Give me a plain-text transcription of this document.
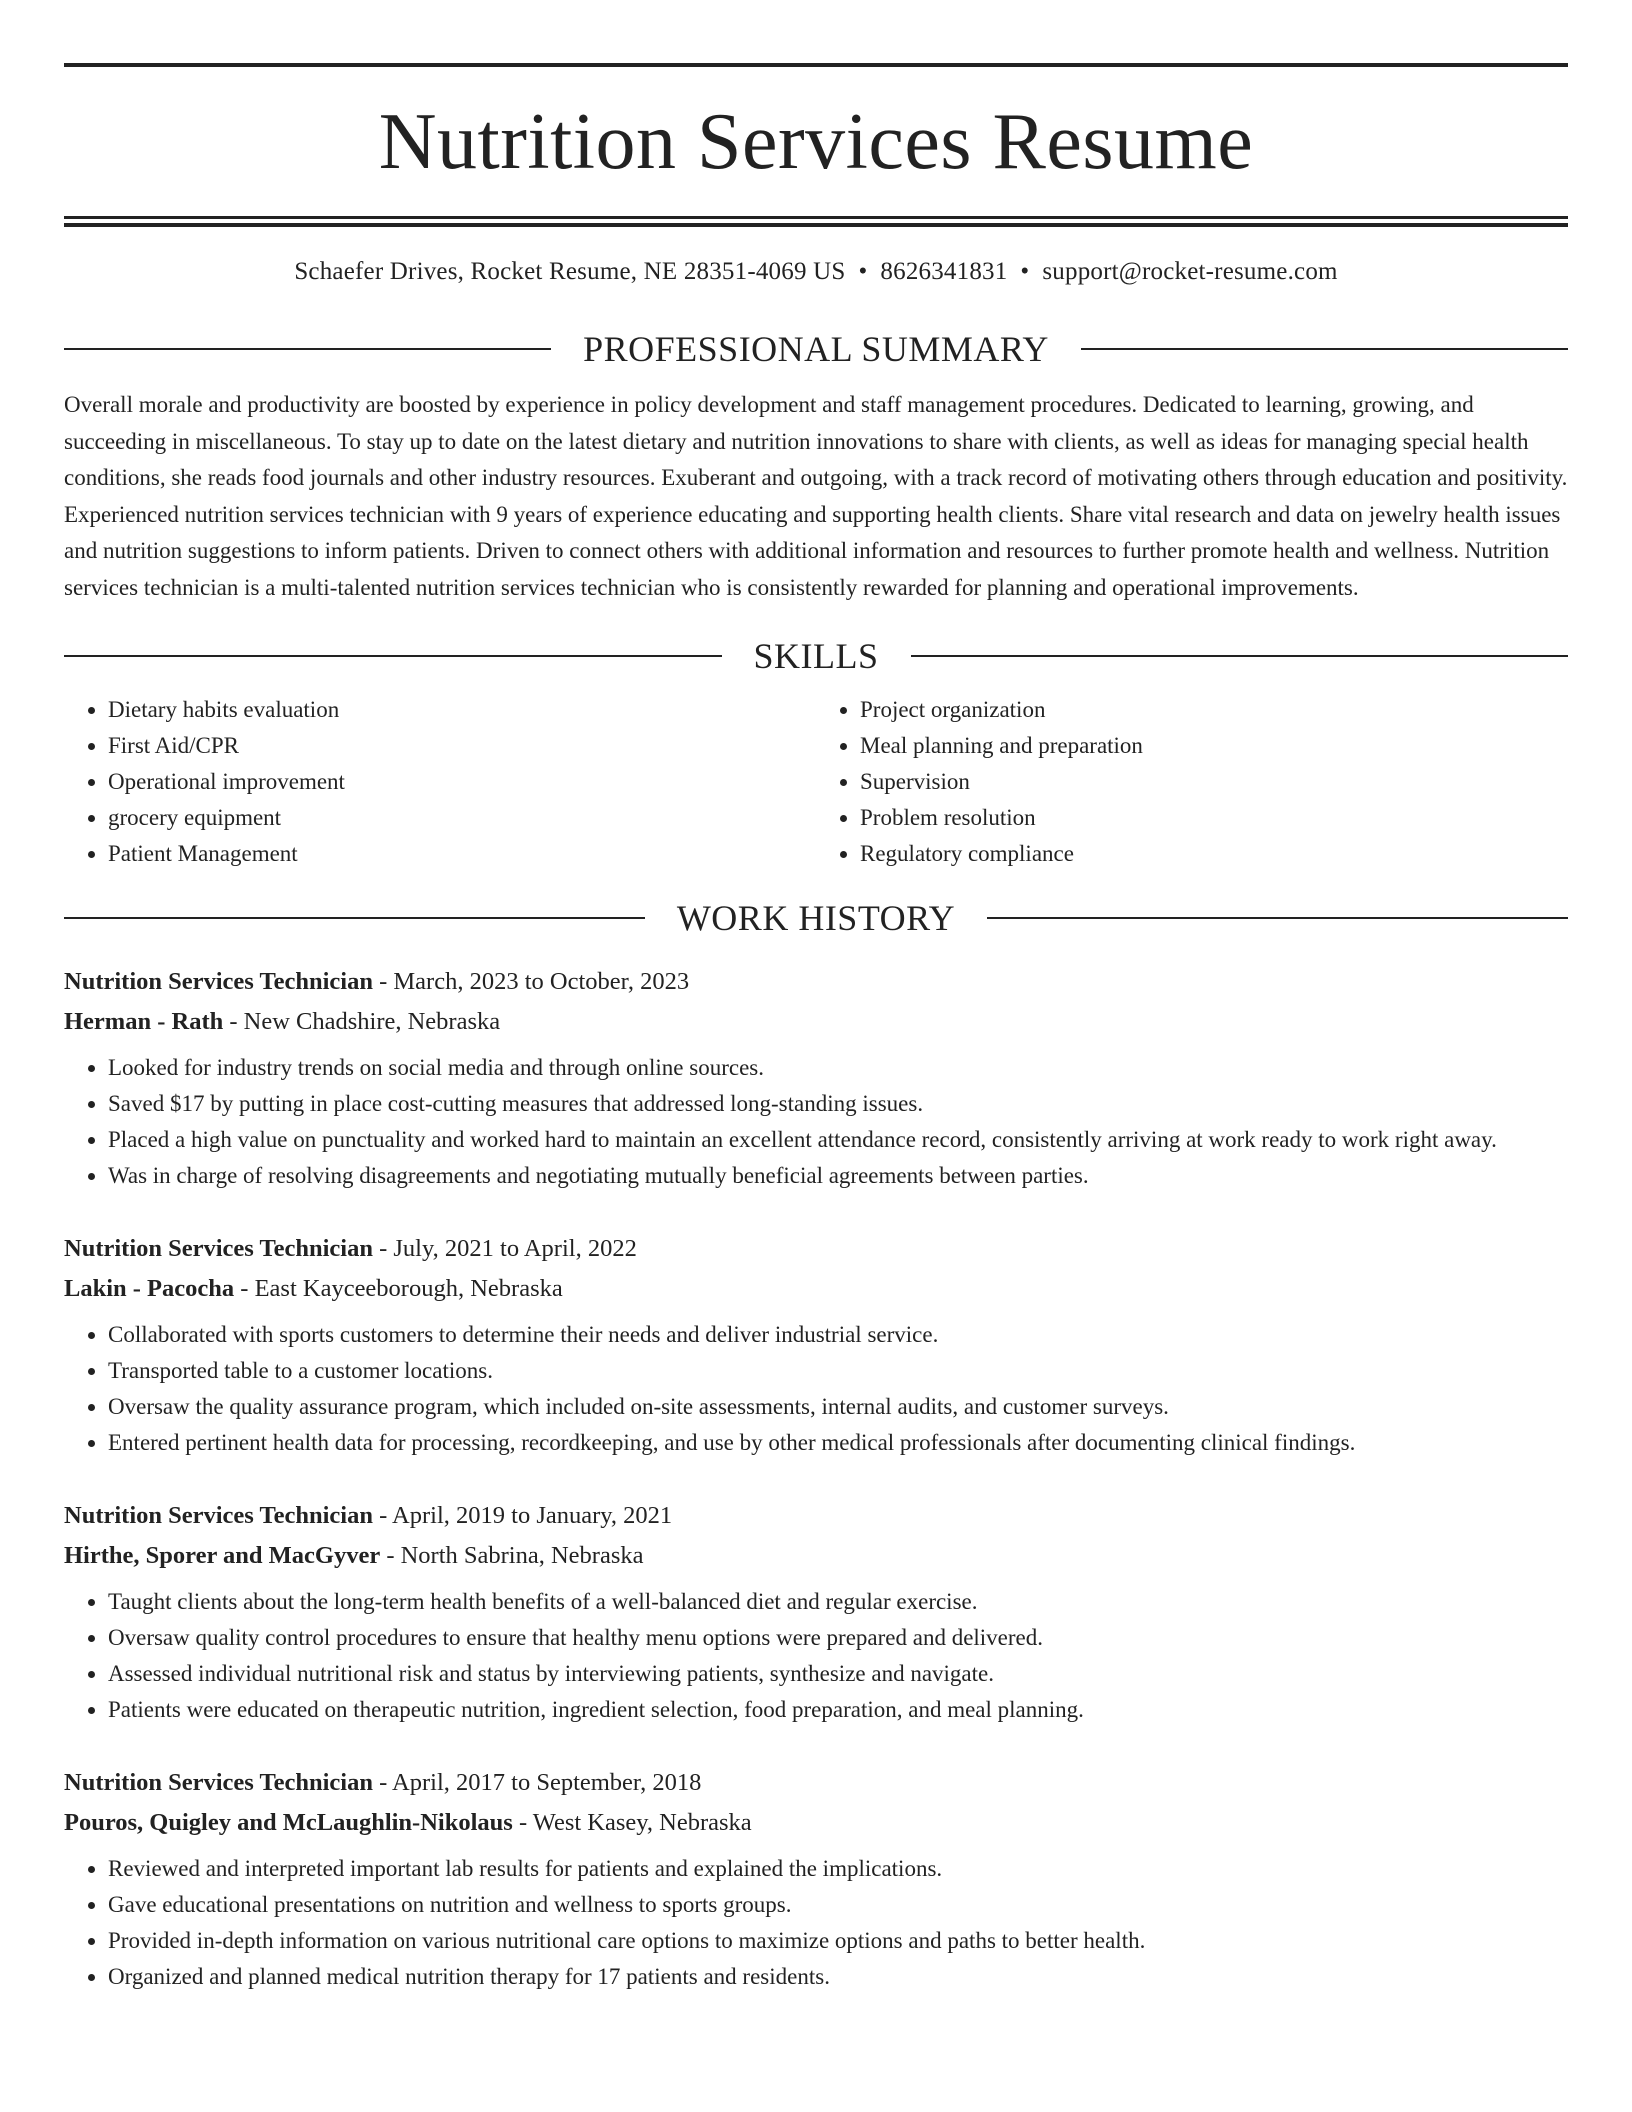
Nutrition Services Resume
Schaefer Drives, Rocket Resume, NE 28351-4069 US • 8626341831 • support@rocket-resume.com
PROFESSIONAL SUMMARY
Overall morale and productivity are boosted by experience in policy development and staff management procedures. Dedicated to learning, growing, and succeeding in miscellaneous. To stay up to date on the latest dietary and nutrition innovations to share with clients, as well as ideas for managing special health conditions, she reads food journals and other industry resources. Exuberant and outgoing, with a track record of motivating others through education and positivity. Experienced nutrition services technician with 9 years of experience educating and supporting health clients. Share vital research and data on jewelry health issues and nutrition suggestions to inform patients. Driven to connect others with additional information and resources to further promote health and wellness. Nutrition services technician is a multi-talented nutrition services technician who is consistently rewarded for planning and operational improvements.
SKILLS
• Dietary habits evaluation
• First Aid/CPR
• Operational improvement
• grocery equipment
• Patient Management
• Project organization
• Meal planning and preparation
• Supervision
• Problem resolution
• Regulatory compliance
WORK HISTORY
Nutrition Services Technician - March, 2023 to October, 2023
Herman - Rath - New Chadshire, Nebraska
• Looked for industry trends on social media and through online sources.
• Saved $17 by putting in place cost-cutting measures that addressed long-standing issues.
• Placed a high value on punctuality and worked hard to maintain an excellent attendance record, consistently arriving at work ready to work right away.
• Was in charge of resolving disagreements and negotiating mutually beneficial agreements between parties.
Nutrition Services Technician - July, 2021 to April, 2022
Lakin - Pacocha - East Kayceeborough, Nebraska
• Collaborated with sports customers to determine their needs and deliver industrial service.
• Transported table to a customer locations.
• Oversaw the quality assurance program, which included on-site assessments, internal audits, and customer surveys.
• Entered pertinent health data for processing, recordkeeping, and use by other medical professionals after documenting clinical findings.
Nutrition Services Technician - April, 2019 to January, 2021
Hirthe, Sporer and MacGyver - North Sabrina, Nebraska
• Taught clients about the long-term health benefits of a well-balanced diet and regular exercise.
• Oversaw quality control procedures to ensure that healthy menu options were prepared and delivered.
• Assessed individual nutritional risk and status by interviewing patients, synthesize and navigate.
• Patients were educated on therapeutic nutrition, ingredient selection, food preparation, and meal planning.
Nutrition Services Technician - April, 2017 to September, 2018
Pouros, Quigley and McLaughlin-Nikolaus - West Kasey, Nebraska
• Reviewed and interpreted important lab results for patients and explained the implications.
• Gave educational presentations on nutrition and wellness to sports groups.
• Provided in-depth information on various nutritional care options to maximize options and paths to better health.
• Organized and planned medical nutrition therapy for 17 patients and residents.
